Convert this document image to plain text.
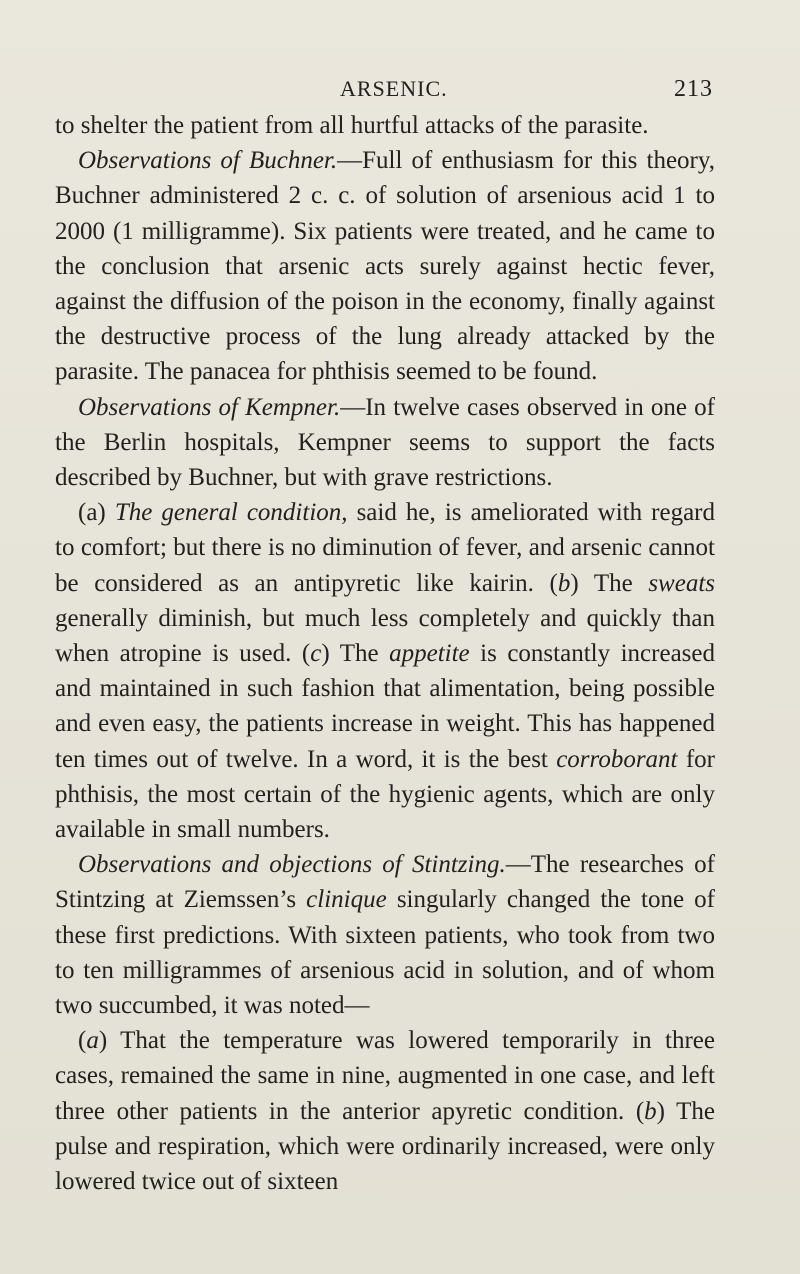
ARSENIC.	213

to shelter the patient from all hurtful attacks of the parasite.

Observations of Buchner.—Full of enthusiasm for this theory, Buchner administered 2 c. c. of solution of arsenious acid 1 to 2000 (1 milligramme). Six patients were treated, and he came to the conclusion that arsenic acts surely against hectic fever, against the diffusion of the poison in the economy, finally against the destructive process of the lung already attacked by the parasite. The panacea for phthisis seemed to be found.

Observations of Kempner.—In twelve cases observed in one of the Berlin hospitals, Kempner seems to support the facts described by Buchner, but with grave restrictions.

(a) The general condition, said he, is ameliorated with regard to comfort; but there is no diminution of fever, and arsenic cannot be considered as an antipyretic like kairin. (b) The sweats generally diminish, but much less completely and quickly than when atropine is used. (c) The appetite is constantly increased and maintained in such fashion that alimentation, being possible and even easy, the patients increase in weight. This has happened ten times out of twelve. In a word, it is the best corroborant for phthisis, the most certain of the hygienic agents, which are only available in small numbers.

Observations and objections of Stintzing.—The researches of Stintzing at Ziemssen’s clinique singularly changed the tone of these first predictions. With sixteen patients, who took from two to ten milligrammes of arsenious acid in solution, and of whom two succumbed, it was noted—

(a) That the temperature was lowered temporarily in three cases, remained the same in nine, augmented in one case, and left three other patients in the anterior apyretic condition. (b) The pulse and respiration, which were ordinarily increased, were only lowered twice out of sixteen
